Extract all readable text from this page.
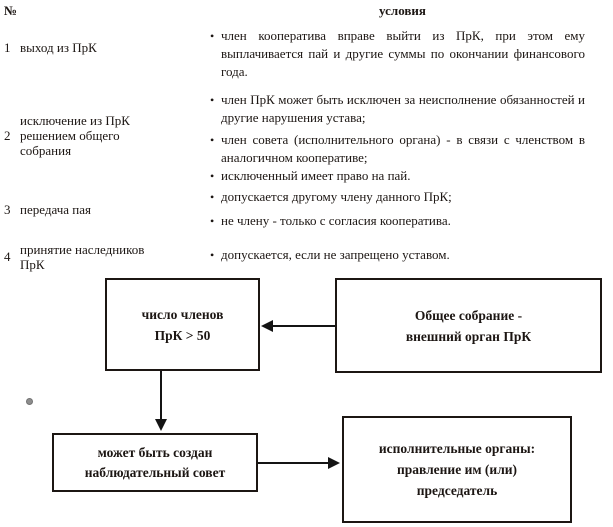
№	условия
1
2
3
4
выход из ПрК
исключение из ПрК решением общего собрания
передача пая
принятие наследников ПрК
• член кооператива вправе выйти из ПрК, при этом ему выплачивается пай и другие суммы по окончании финансового года.
• член ПрК может быть исключен за неисполнение обязанностей и другие нарушения устава;
• член совета (исполнительного органа) - в связи с членством в аналогичном кооперативе;
• исключенный имеет право на пай.
• допускается другому члену данного ПрК;
• не члену - только с согласия кооператива.
• допускается, если не запрещено уставом.
число членов
ПрК > 50
Общее собрание -
внешний орган ПрК
может быть создан
наблюдательный совет
исполнительные органы:
правление им (или)
председатель
